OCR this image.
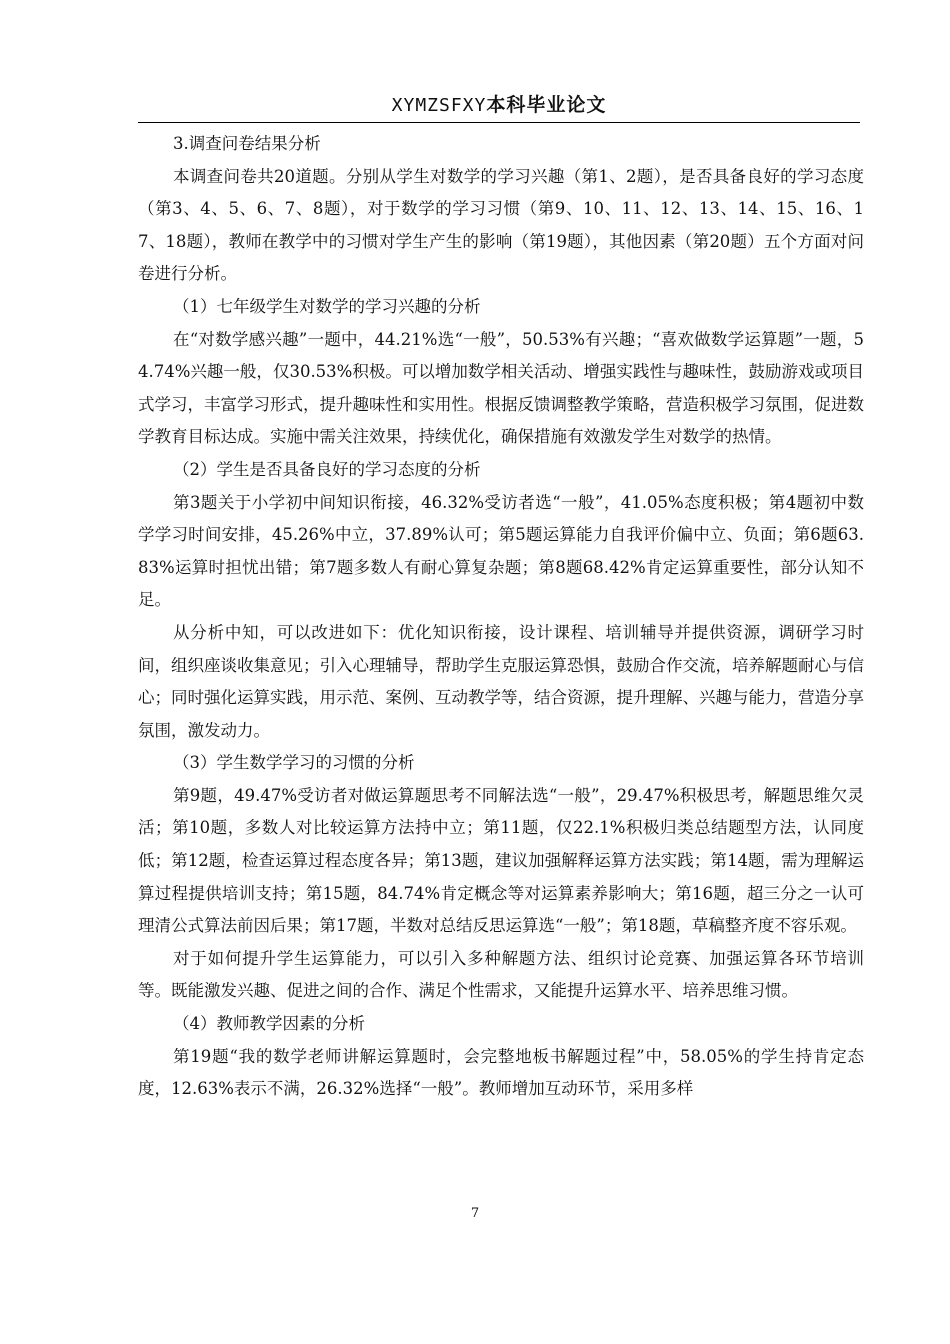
XYMZSFXY本科毕业论文

3.调查问卷结果分析

本调查问卷共20道题。分别从学生对数学的学习兴趣（第1、2题），是否具备良好的学习态度（第3、4、5、6、7、8题），对于数学的学习习惯（第9、10、11、12、13、14、15、16、17、18题），教师在教学中的习惯对学生产生的影响（第19题），其他因素（第20题）五个方面对问卷进行分析。

（1）七年级学生对数学的学习兴趣的分析

在“对数学感兴趣”一题中，44.21%选“一般”，50.53%有兴趣；“喜欢做数学运算题”一题，54.74%兴趣一般，仅30.53%积极。可以增加数学相关活动、增强实践性与趣味性，鼓励游戏或项目式学习，丰富学习形式，提升趣味性和实用性。根据反馈调整教学策略，营造积极学习氛围，促进数学教育目标达成。实施中需关注效果，持续优化，确保措施有效激发学生对数学的热情。

（2）学生是否具备良好的学习态度的分析

第3题关于小学初中间知识衔接，46.32%受访者选“一般”，41.05%态度积极；第4题初中数学学习时间安排，45.26%中立，37.89%认可；第5题运算能力自我评价偏中立、负面；第6题63.83%运算时担忧出错；第7题多数人有耐心算复杂题；第8题68.42%肯定运算重要性，部分认知不足。

从分析中知，可以改进如下：优化知识衔接，设计课程、培训辅导并提供资源，调研学习时间，组织座谈收集意见；引入心理辅导，帮助学生克服运算恐惧，鼓励合作交流，培养解题耐心与信心；同时强化运算实践，用示范、案例、互动教学等，结合资源，提升理解、兴趣与能力，营造分享氛围，激发动力。

（3）学生数学学习的习惯的分析

第9题，49.47%受访者对做运算题思考不同解法选“一般”，29.47%积极思考，解题思维欠灵活；第10题，多数人对比较运算方法持中立；第11题，仅22.1%积极归类总结题型方法，认同度低；第12题，检查运算过程态度各异；第13题，建议加强解释运算方法实践；第14题，需为理解运算过程提供培训支持；第15题，84.74%肯定概念等对运算素养影响大；第16题，超三分之一认可理清公式算法前因后果；第17题，半数对总结反思运算选“一般”；第18题，草稿整齐度不容乐观。

对于如何提升学生运算能力，可以引入多种解题方法、组织讨论竞赛、加强运算各环节培训等。既能激发兴趣、促进之间的合作、满足个性需求，又能提升运算水平、培养思维习惯。

（4）教师教学因素的分析

第19题“我的数学老师讲解运算题时，会完整地板书解题过程”中，58.05%的学生持肯定态度，12.63%表示不满，26.32%选择“一般”。教师增加互动环节，采用多样

7
